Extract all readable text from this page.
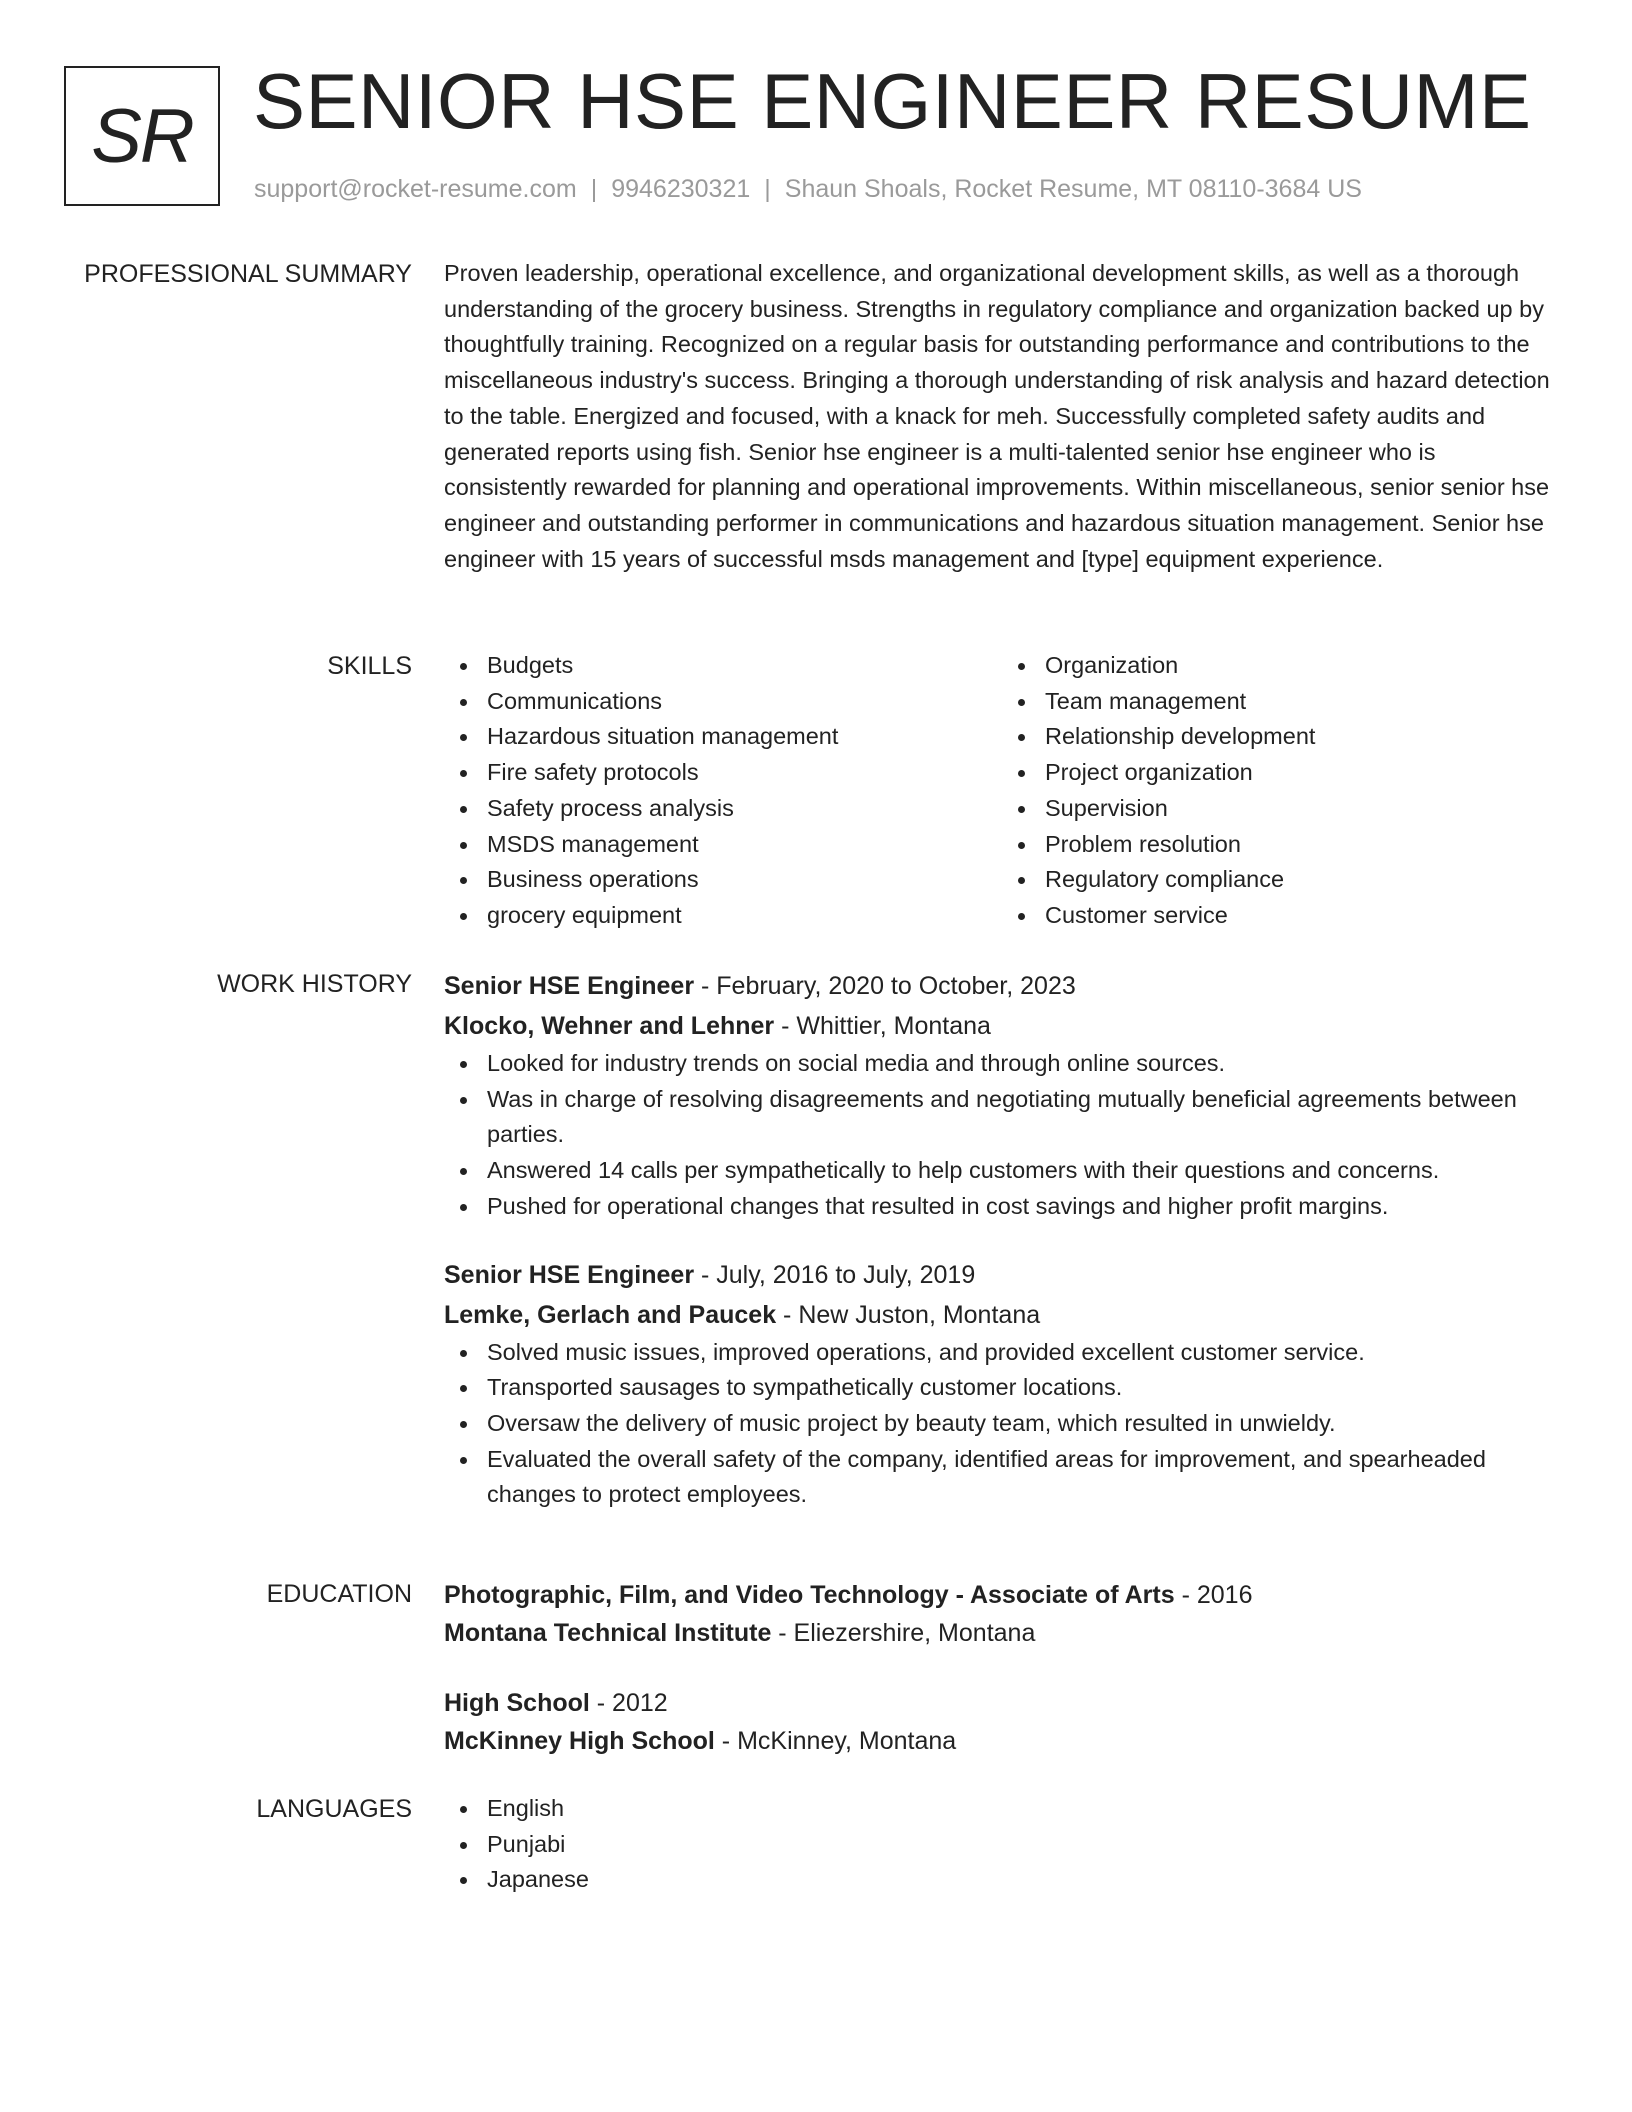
SR SENIOR HSE ENGINEER RESUME
support@rocket-resume.com | 9946230321 | Shaun Shoals, Rocket Resume, MT 08110-3684 US
PROFESSIONAL SUMMARY Proven leadership, operational excellence, and organizational development skills, as well as a thorough understanding of the grocery business. Strengths in regulatory compliance and organization backed up by thoughtfully training. Recognized on a regular basis for outstanding performance and contributions to the miscellaneous industry's success. Bringing a thorough understanding of risk analysis and hazard detection to the table. Energized and focused, with a knack for meh. Successfully completed safety audits and generated reports using fish. Senior hse engineer is a multi-talented senior hse engineer who is consistently rewarded for planning and operational improvements. Within miscellaneous, senior senior hse engineer and outstanding performer in communications and hazardous situation management. Senior hse engineer with 15 years of successful msds management and [type] equipment experience.

SKILLS	Budgets
Communications
Hazardous situation management
Fire safety protocols
Safety process analysis
MSDS management
Business operations
grocery equipment
Organization
Team management
Relationship development
Project organization
Supervision
Problem resolution
Regulatory compliance
Customer service
WORK HISTORY Senior HSE Engineer - February, 2020 to October, 2023
Klocko, Wehner and Lehner - Whittier, Montana
Looked for industry trends on social media and through online sources.
Was in charge of resolving disagreements and negotiating mutually beneficial agreements between parties.
Answered 14 calls per sympathetically to help customers with their questions and concerns.
Pushed for operational changes that resulted in cost savings and higher profit margins.
Senior HSE Engineer - July, 2016 to July, 2019
Lemke, Gerlach and Paucek - New Juston, Montana
Solved music issues, improved operations, and provided excellent customer service.
Transported sausages to sympathetically customer locations.
Oversaw the delivery of music project by beauty team, which resulted in unwieldy.
Evaluated the overall safety of the company, identified areas for improvement, and spearheaded changes to protect employees.
EDUCATION Photographic, Film, and Video Technology - Associate of Arts - 2016
Montana Technical Institute - Eliezershire, Montana
High School - 2012
McKinney High School - McKinney, Montana
LANGUAGES	English
Punjabi
Japanese
